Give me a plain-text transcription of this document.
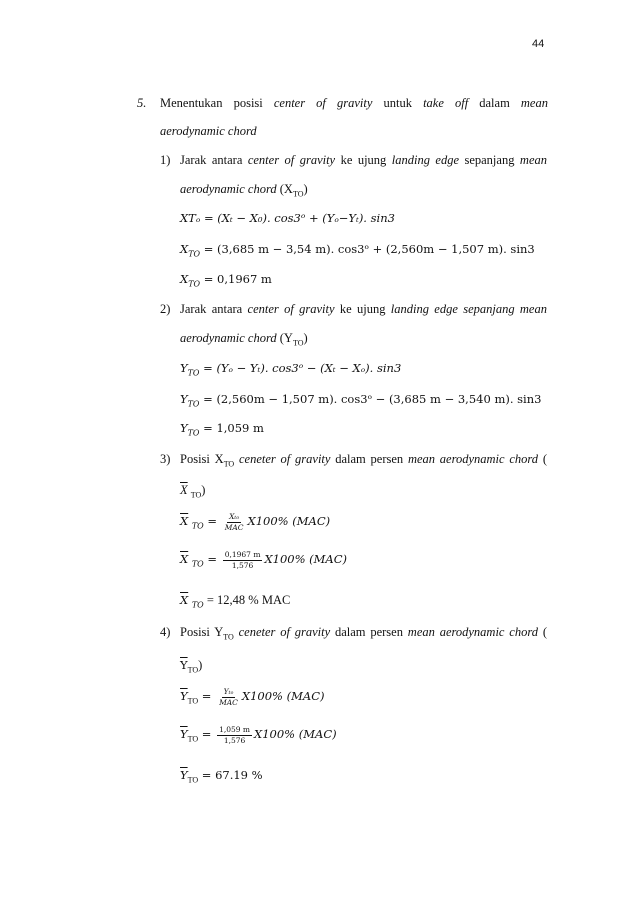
44
5. Menentukan posisi center of gravity untuk take off dalam mean
aerodynamic chord
1) Jarak antara center of gravity ke ujung landing edge sepanjang mean
aerodynamic chord $(X_{TO})$
XTₒ = (Xₜ − X₀). cos3ᵒ + (Yₒ−Yₜ). sin3
$X_{TO} = (3,685$ m − 3,54 m). cos3ᵒ + (2,560m − 1,507 m). sin3
$X_{TO} = 0,1967$ m
2) Jarak antara center of gravity ke ujung landing edge sepanjang mean
aerodynamic chord $(Y_{TO})$
$Y_{TO} = (Y_o - Y_t)$. cos3ᵒ − (Xₜ − Xₒ). sin3
$Y_{TO} = (2,560m - 1,507$ m). cos3ᵒ − (3,685 m − 3,540 m). sin3
$Y_{TO} = 1,059$ m
3) Posisi $X_{TO}$ ceneter of gravity dalam persen mean aerodynamic chord (
$\overline{X}$ $_{TO}$)
$\overline{X}$ $_{TO} = \frac{\text{Xₜₒ}}{\text{MAC}} X100\%$ (MAC)
$\overline{X}$ $_{TO} = \frac{0,1967 m}{1,576} X100\%$ (MAC)
$\overline{X}$ $_{TO}$ = 12,48 % MAC
4) Posisi $Y_{TO}$ ceneter of gravity dalam persen mean aerodynamic chord (
$\overline{Y}_{TO}$)
$\overline{Y}_{TO} = \frac{\text{Yₜₒ}}{\text{MAC}} X100\%$ (MAC)
$\overline{Y}_{TO} = \frac{1,059 m}{1,576} X100\%$ (MAC)
$\overline{Y}_{TO} = 67.19$ %
